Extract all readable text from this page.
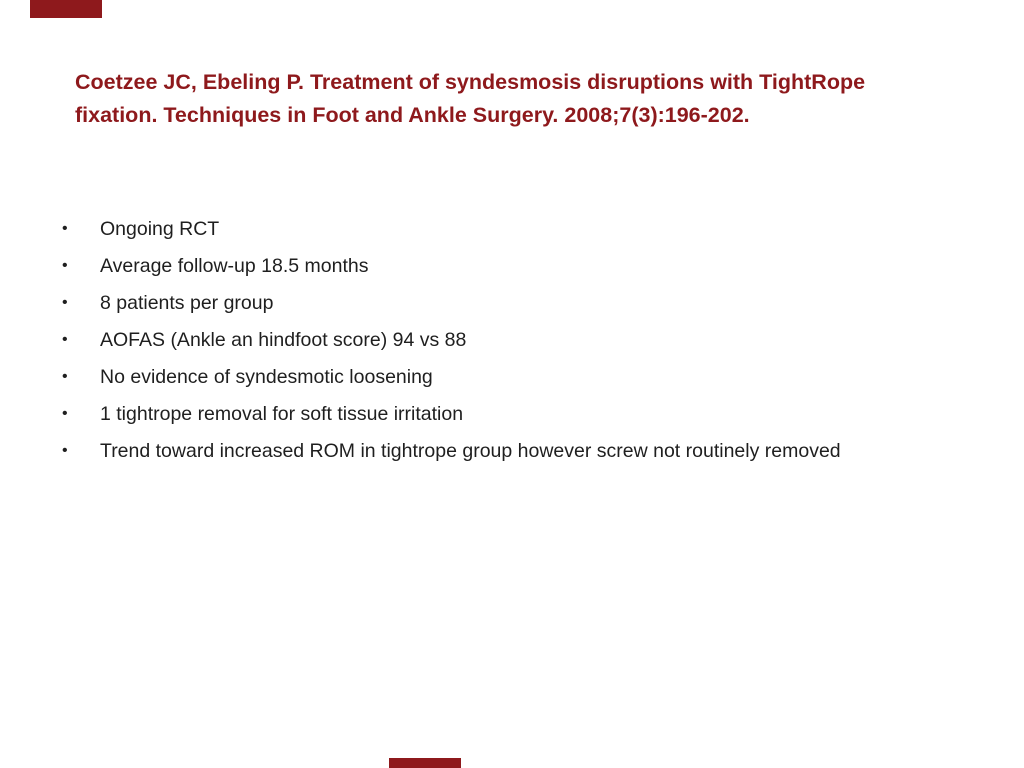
Coetzee JC, Ebeling P. Treatment of syndesmosis disruptions with TightRope fixation. Techniques in Foot and Ankle Surgery. 2008;7(3):196-202.
•	Ongoing RCT
•	Average follow-up 18.5 months
•	8 patients per group
•	AOFAS (Ankle an hindfoot score) 94 vs 88
•	No evidence of syndesmotic loosening
•	1 tightrope removal for soft tissue irritation
•	Trend toward increased ROM in tightrope group however screw not routinely removed
